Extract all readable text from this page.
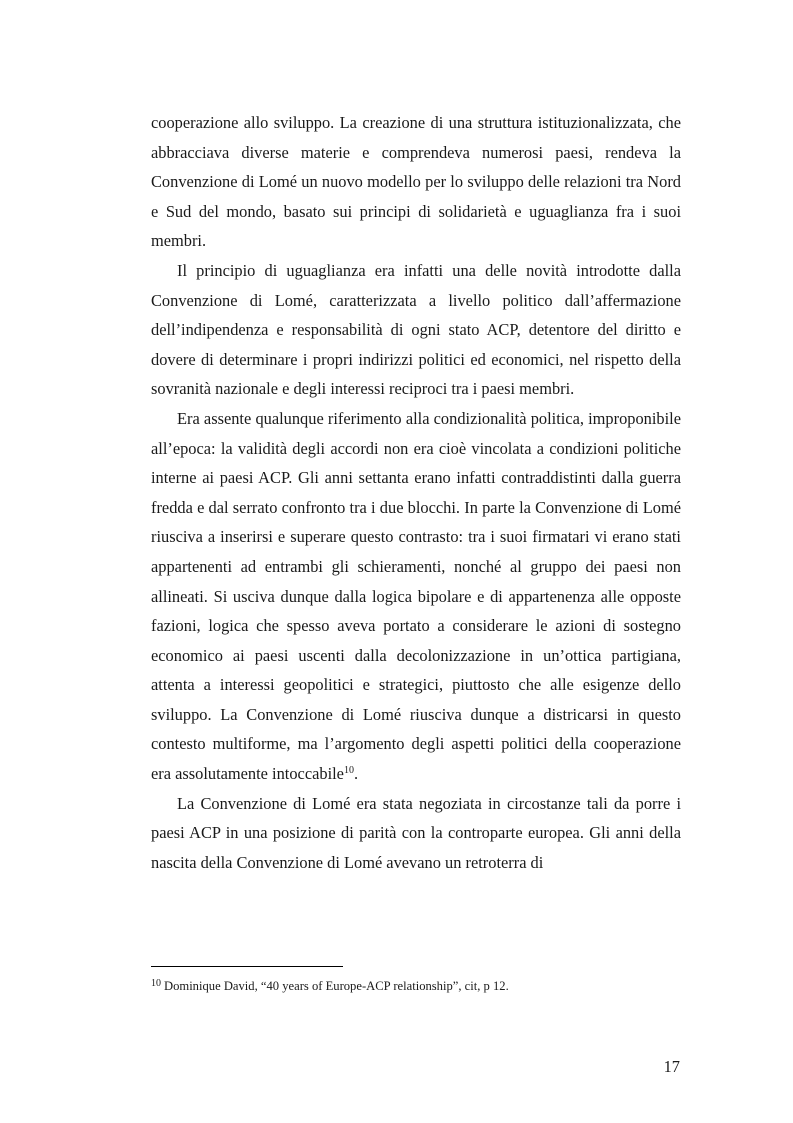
cooperazione allo sviluppo. La creazione di una struttura istituzionalizzata, che abbracciava diverse materie e comprendeva numerosi paesi, rendeva la Convenzione di Lomé un nuovo modello per lo sviluppo delle relazioni tra Nord e Sud del mondo, basato sui principi di solidarietà e uguaglianza fra i suoi membri.

Il principio di uguaglianza era infatti una delle novità introdotte dalla Convenzione di Lomé, caratterizzata a livello politico dall’affermazione dell’indipendenza e responsabilità di ogni stato ACP, detentore del diritto e dovere di determinare i propri indirizzi politici ed economici, nel rispetto della sovranità nazionale e degli interessi reciproci tra i paesi membri.

Era assente qualunque riferimento alla condizionalità politica, improponibile all’epoca: la validità degli accordi non era cioè vincolata a condizioni politiche interne ai paesi ACP. Gli anni settanta erano infatti contraddistinti dalla guerra fredda e dal serrato confronto tra i due blocchi. In parte la Convenzione di Lomé riusciva a inserirsi e superare questo contrasto: tra i suoi firmatari vi erano stati appartenenti ad entrambi gli schieramenti, nonché al gruppo dei paesi non allineati. Si usciva dunque dalla logica bipolare e di appartenenza alle opposte fazioni, logica che spesso aveva portato a considerare le azioni di sostegno economico ai paesi uscenti dalla decolonizzazione in un’ottica partigiana, attenta a interessi geopolitici e strategici, piuttosto che alle esigenze dello sviluppo. La Convenzione di Lomé riusciva dunque a districarsi in questo contesto multiforme, ma l’argomento degli aspetti politici della cooperazione era assolutamente intoccabile$^{10}$.

La Convenzione di Lomé era stata negoziata in circostanze tali da porre i paesi ACP in una posizione di parità con la controparte europea. Gli anni della nascita della Convenzione di Lomé avevano un retroterra di

$^{10}$ Dominique David, “40 years of Europe-ACP relationship”, cit, p 12.

17
